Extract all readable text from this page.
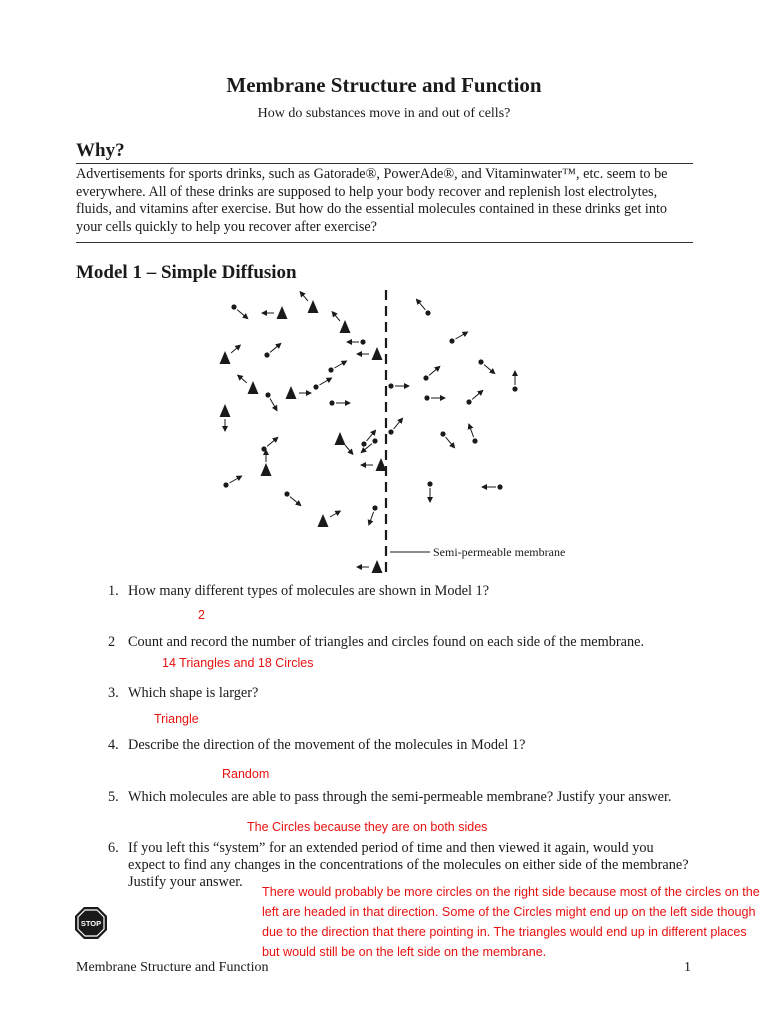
Membrane Structure and Function
How do substances move in and out of cells?
Why?
Advertisements for sports drinks, such as Gatorade®, PowerAde®, and Vitaminwater™, etc. seem to be everywhere. All of these drinks are supposed to help your body recover and replenish lost electrolytes, fluids, and vitamins after exercise. But how do the essential molecules contained in these drinks get into your cells quickly to help you recover after exercise?
Model 1 – Simple Diffusion
Semi-permeable membrane
1. How many different types of molecules are shown in Model 1?
2
2 Count and record the number of triangles and circles found on each side of the membrane.
14 Triangles and 18 Circles
3. Which shape is larger?
Triangle
4. Describe the direction of the movement of the molecules in Model 1?
Random
5. Which molecules are able to pass through the semi-permeable membrane? Justify your answer.
The Circles because they are on both sides
6. If you left this “system” for an extended period of time and then viewed it again, would you expect to find any changes in the concentrations of the molecules on either side of the membrane? Justify your answer.
There would probably be more circles on the right side because most of the circles on the left are headed in that direction. Some of the Circles might end up on the left side though due to the direction that there pointing in. The triangles would end up in different places but would still be on the left side on the membrane.
STOP
Membrane Structure and Function	1
